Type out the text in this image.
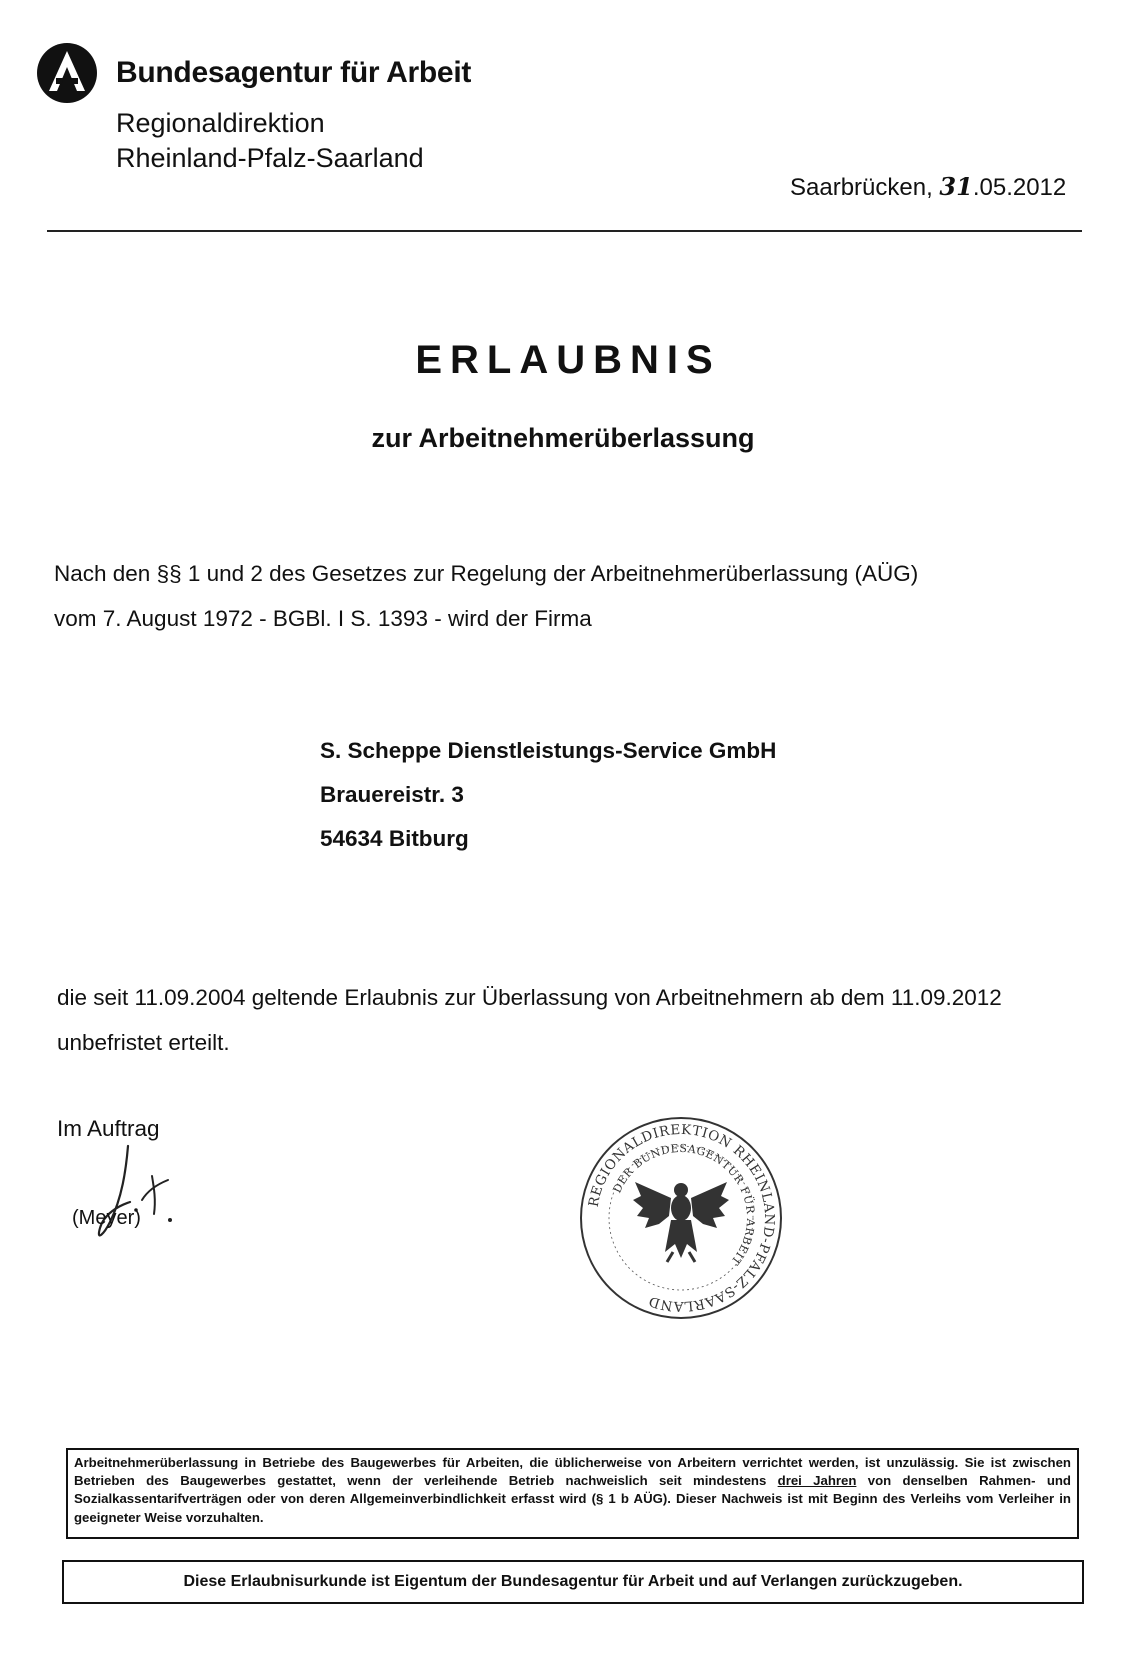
Bundesagentur für Arbeit
Regionaldirektion
Rheinland-Pfalz-Saarland
Saarbrücken, 31.05.2012
ERLAUBNIS
zur Arbeitnehmerüberlassung
Nach den §§ 1 und 2 des Gesetzes zur Regelung der Arbeitnehmerüberlassung (AÜG)
vom 7. August 1972 - BGBl. I S. 1393 - wird der Firma
S. Scheppe Dienstleistungs-Service GmbH
Brauereistr. 3
54634 Bitburg
die seit 11.09.2004 geltende Erlaubnis zur Überlassung von Arbeitnehmern ab dem 11.09.2012
unbefristet erteilt.
Im Auftrag
(Meyer)
REGIONALDIREKTION RHEINLAND-PFALZ-SAARLAND
DER BUNDESAGENTUR FÜR ARBEIT
Arbeitnehmerüberlassung in Betriebe des Baugewerbes für Arbeiten, die üblicherweise von Arbeitern verrichtet werden, ist unzulässig. Sie ist zwischen Betrieben des Baugewerbes gestattet, wenn der verleihende Betrieb nachweislich seit mindestens drei Jahren von denselben Rahmen- und Sozialkassentarifverträgen oder von deren Allgemeinverbindlichkeit erfasst wird (§ 1 b AÜG). Dieser Nachweis ist mit Beginn des Verleihs vom Verleiher in geeigneter Weise vorzuhalten.
Diese Erlaubnisurkunde ist Eigentum der Bundesagentur für Arbeit und auf Verlangen zurückzugeben.
